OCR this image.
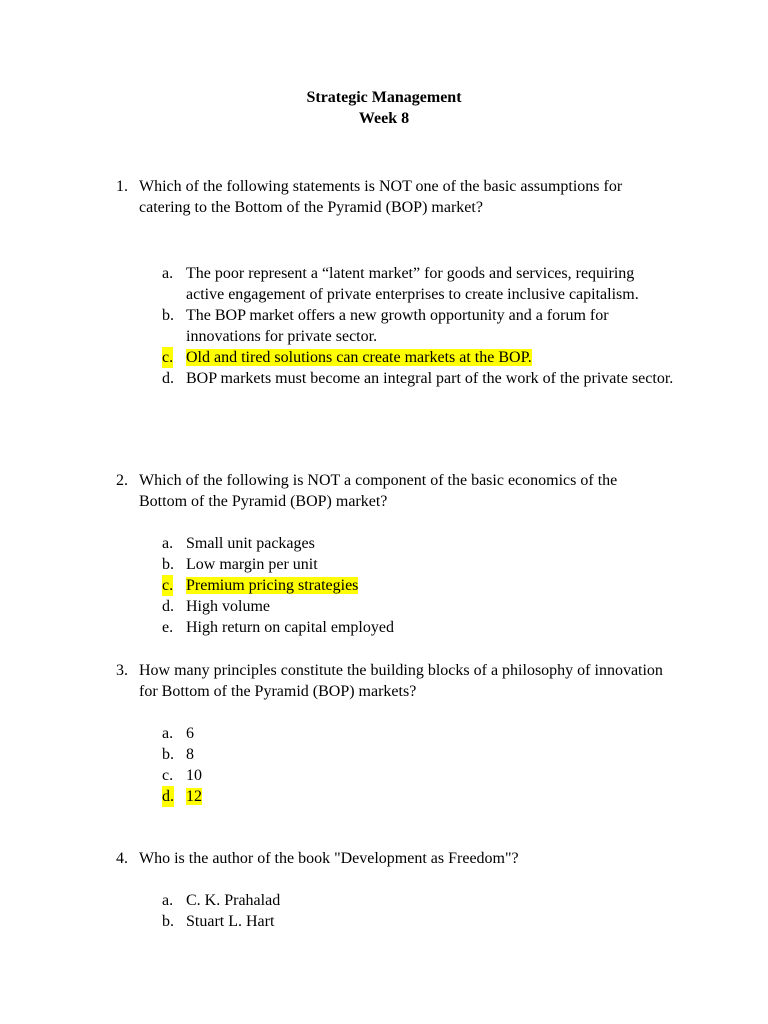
Strategic Management
Week 8
1. Which of the following statements is NOT one of the basic assumptions for catering to the Bottom of the Pyramid (BOP) market?
a. The poor represent a “latent market” for goods and services, requiring active engagement of private enterprises to create inclusive capitalism.
b. The BOP market offers a new growth opportunity and a forum for innovations for private sector.
c. Old and tired solutions can create markets at the BOP.
d. BOP markets must become an integral part of the work of the private sector.
2. Which of the following is NOT a component of the basic economics of the Bottom of the Pyramid (BOP) market?
a. Small unit packages
b. Low margin per unit
c. Premium pricing strategies
d. High volume
e. High return on capital employed
3. How many principles constitute the building blocks of a philosophy of innovation for Bottom of the Pyramid (BOP) markets?
a. 6
b. 8
c. 10
d. 12
4. Who is the author of the book "Development as Freedom"?
a. C. K. Prahalad
b. Stuart L. Hart
